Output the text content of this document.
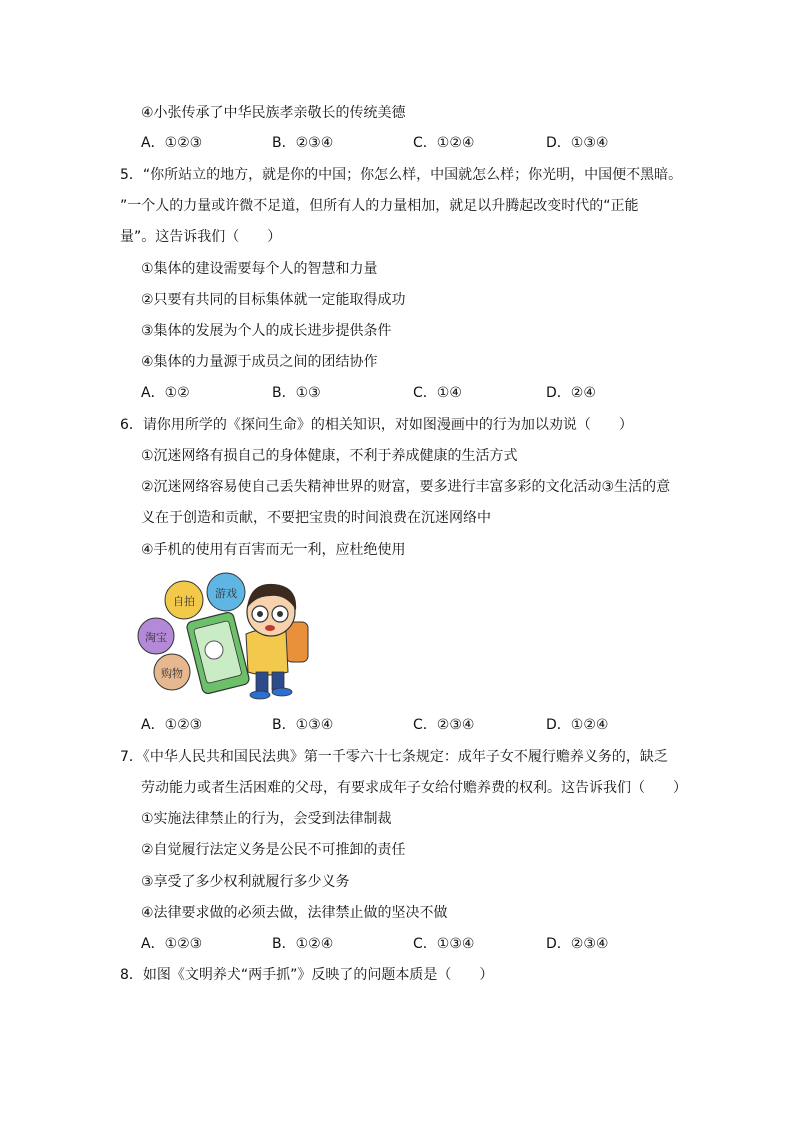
④小张传承了中华民族孝亲敬长的传统美德
A．①②③	B．②③④	C．①②④	D．①③④
5．“你所站立的地方，就是你的中国；你怎么样，中国就怎么样；你光明，中国便不黑暗。
”一个人的力量或许微不足道，但所有人的力量相加，就足以升腾起改变时代的“正能
量”。这告诉我们（　　）
①集体的建设需要每个人的智慧和力量
②只要有共同的目标集体就一定能取得成功
③集体的发展为个人的成长进步提供条件
④集体的力量源于成员之间的团结协作
A．①②	B．①③	C．①④	D．②④
6．请你用所学的《探问生命》的相关知识，对如图漫画中的行为加以劝说（　　）
①沉迷网络有损自己的身体健康，不利于养成健康的生活方式
②沉迷网络容易使自己丢失精神世界的财富，要多进行丰富多彩的文化活动③生活的意
义在于创造和贡献，不要把宝贵的时间浪费在沉迷网络中
④手机的使用有百害而无一利，应杜绝使用
自拍
游戏
淘宝
购物
A．①②③	B．①③④	C．②③④	D．①②④
7．《中华人民共和国民法典》第一千零六十七条规定：成年子女不履行赡养义务的，缺乏
劳动能力或者生活困难的父母，有要求成年子女给付赡养费的权利。这告诉我们（　　）
①实施法律禁止的行为，会受到法律制裁
②自觉履行法定义务是公民不可推卸的责任
③享受了多少权利就履行多少义务
④法律要求做的必须去做，法律禁止做的坚决不做
A．①②③	B．①②④	C．①③④	D．②③④
8．如图《文明养犬“两手抓”》反映了的问题本质是（　　）
